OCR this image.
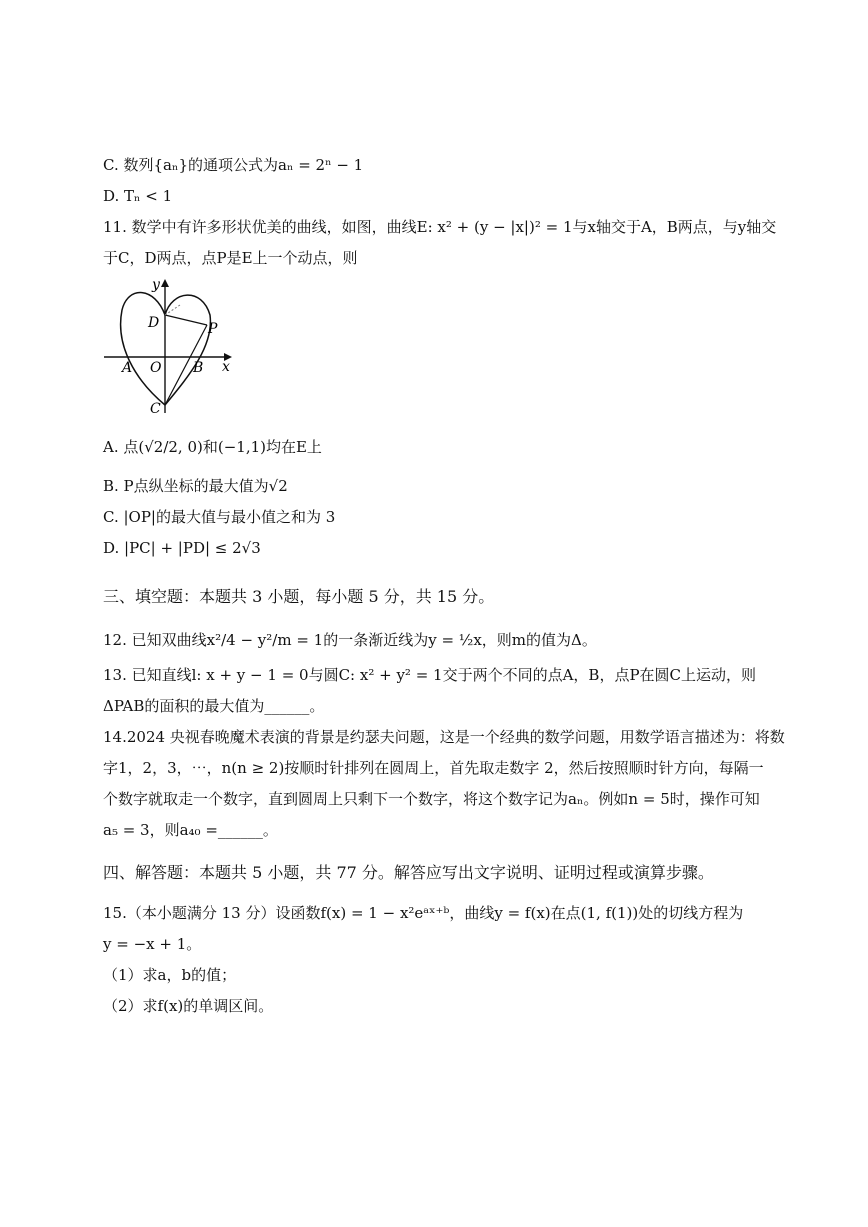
C. 数列{aₙ}的通项公式为aₙ = 2ⁿ − 1
D. Tₙ < 1
11. 数学中有许多形状优美的曲线，如图，曲线E: x² + (y − |x|)² = 1与x轴交于A，B两点，与y轴交
于C，D两点，点P是E上一个动点，则
y
D	P
A O B x
C
A. 点(√2/2, 0)和(−1,1)均在E上
B. P点纵坐标的最大值为√2
C. |OP|的最大值与最小值之和为 3
D. |PC| + |PD| ≤ 2√3
三、填空题：本题共 3 小题，每小题 5 分，共 15 分。
12. 已知双曲线x²/4 − y²/m = 1的一条渐近线为y = ½x，则m的值为Δ。
13. 已知直线l: x + y − 1 = 0与圆C: x² + y² = 1交于两个不同的点A，B，点P在圆C上运动，则
ΔPAB的面积的最大值为______。
14.2024 央视春晚魔术表演的背景是约瑟夫问题，这是一个经典的数学问题，用数学语言描述为：将数
字1，2，3，⋯，n(n ≥ 2)按顺时针排列在圆周上，首先取走数字 2，然后按照顺时针方向，每隔一
个数字就取走一个数字，直到圆周上只剩下一个数字，将这个数字记为aₙ。例如n = 5时，操作可知
a₅ = 3，则a₄₀ =______。
四、解答题：本题共 5 小题，共 77 分。解答应写出文字说明、证明过程或演算步骤。
15.（本小题满分 13 分）设函数f(x) = 1 − x²eᵃˣ⁺ᵇ，曲线y = f(x)在点(1, f(1))处的切线方程为
y = −x + 1。
（1）求a，b的值；
（2）求f(x)的单调区间。
